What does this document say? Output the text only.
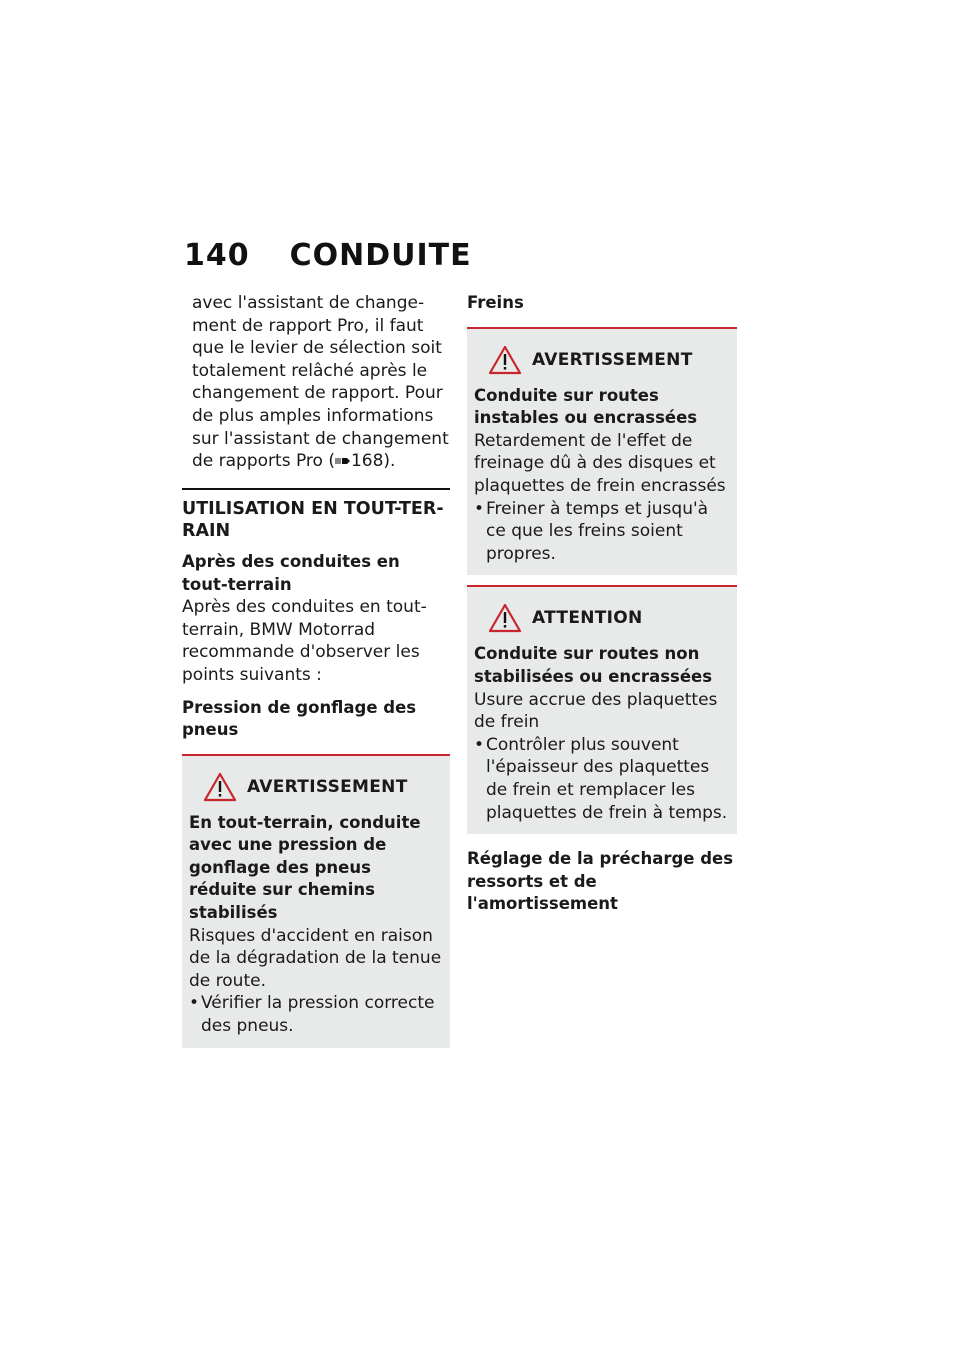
140 CONDUITE

avec l'assistant de change-

ment de rapport Pro, il faut

que le levier de sélection soit

totalement relâché après le

changement de rapport. Pour

de plus amples informations

sur l'assistant de changement

de rapports Pro ( 168).

UTILISATION EN TOUT-TER-RAIN

Après des conduites en tout-terrain

Après des conduites en tout-terrain, BMW Motorrad recommande d'observer les points suivants :

Pression de gonflage des pneus

AVERTISSEMENT

En tout-terrain, conduite avec une pression de gonflage des pneus réduite sur chemins stabilisés

Risques d'accident en raison de la dégradation de la tenue de route.

• Vérifier la pression correcte des pneus.

Freins

AVERTISSEMENT

Conduite sur routes instables ou encrassées

Retardement de l'effet de freinage dû à des disques et plaquettes de frein encrassés

• Freiner à temps et jusqu'à ce que les freins soient propres.
ATTENTION

Conduite sur routes non stabilisées ou encrassées

Usure accrue des plaquettes de frein

• Contrôler plus souvent l'épaisseur des plaquettes de frein et remplacer les plaquettes de frein à temps.

Réglage de la précharge des ressorts et de l'amortissement
